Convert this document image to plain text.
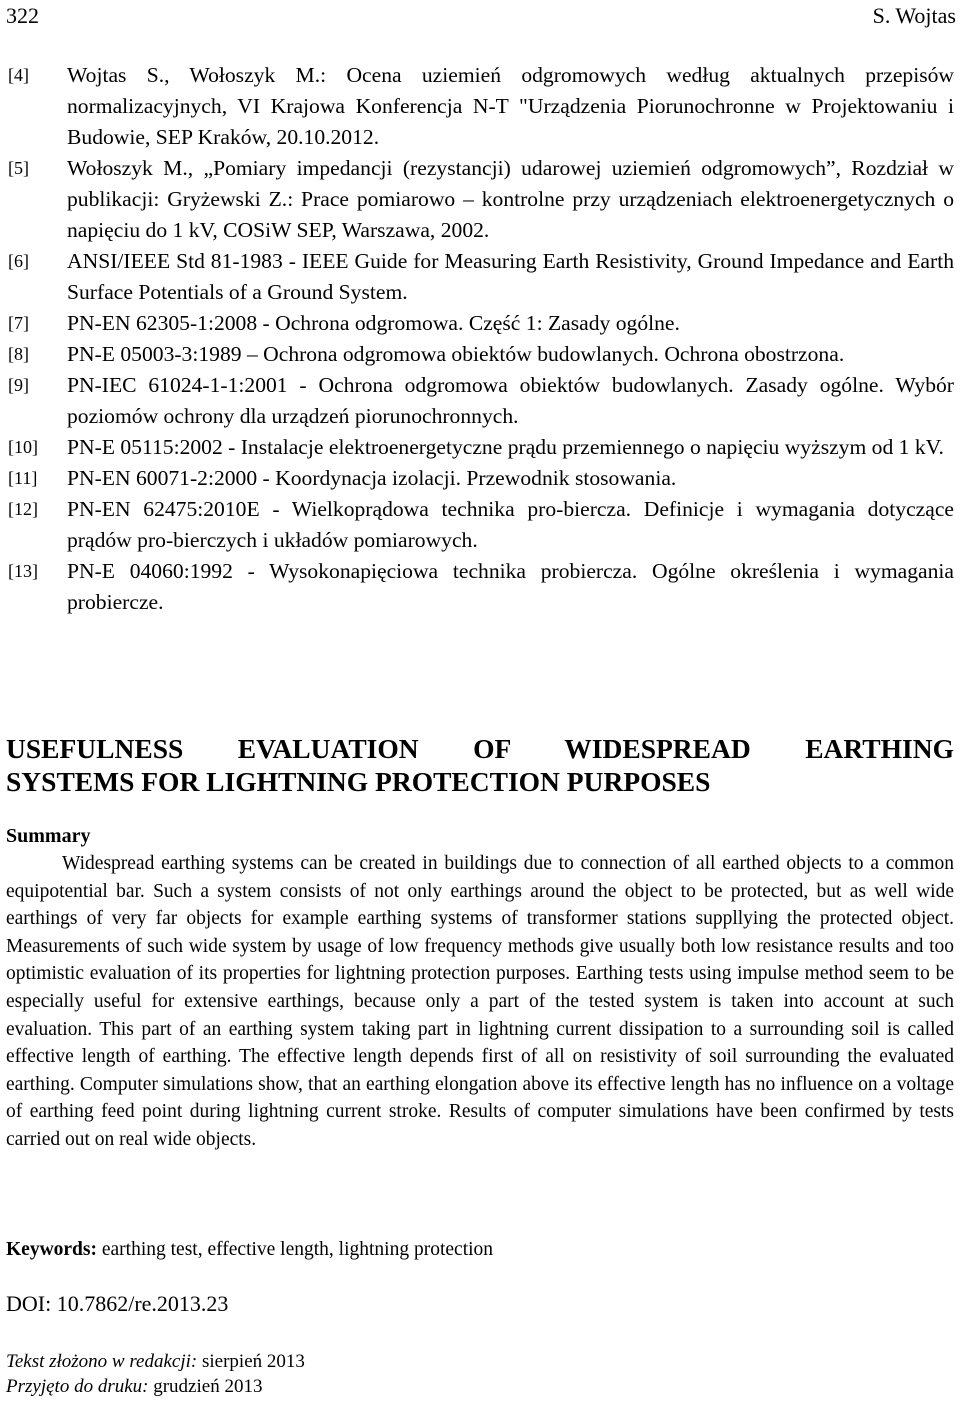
322	S. Wojtas
[4] Wojtas S., Wołoszyk M.: Ocena uziemień odgromowych według aktualnych przepisów normalizacyjnych, VI Krajowa Konferencja N-T "Urządzenia Piorunochronne w Projektowaniu i Budowie, SEP Kraków, 20.10.2012.
[5] Wołoszyk M., „Pomiary impedancji (rezystancji) udarowej uziemień odgromowych”, Rozdział w publikacji: Gryżewski Z.: Prace pomiarowo – kontrolne przy urządzeniach elektroenergetycznych o napięciu do 1 kV, COSiW SEP, Warszawa, 2002.
[6] ANSI/IEEE Std 81-1983 - IEEE Guide for Measuring Earth Resistivity, Ground Impedance and Earth Surface Potentials of a Ground System.
[7] PN-EN 62305-1:2008 - Ochrona odgromowa. Część 1: Zasady ogólne.
[8] PN-E 05003-3:1989 – Ochrona odgromowa obiektów budowlanych. Ochrona obostrzona.
[9] PN-IEC 61024-1-1:2001 - Ochrona odgromowa obiektów budowlanych. Zasady ogólne. Wybór poziomów ochrony dla urządzeń piorunochronnych.
[10] PN-E 05115:2002 - Instalacje elektroenergetyczne prądu przemiennego o napięciu wyższym od 1 kV.
[11] PN-EN 60071-2:2000 - Koordynacja izolacji. Przewodnik stosowania.
[12] PN-EN 62475:2010E - Wielkoprądowa technika pro-biercza. Definicje i wymagania dotyczące prądów pro-bierczych i układów pomiarowych.
[13] PN-E 04060:1992 - Wysokonapięciowa technika probiercza. Ogólne określenia i wymagania probiercze.
USEFULNESS EVALUATION OF WIDESPREAD EARTHING
SYSTEMS FOR LIGHTNING PROTECTION PURPOSES
Summary
Widespread earthing systems can be created in buildings due to connection of all earthed objects to a common equipotential bar. Such a system consists of not only earthings around the object to be protected, but as well wide earthings of very far objects for example earthing systems of transformer stations suppllying the protected object. Measurements of such wide system by usage of low frequency methods give usually both low resistance results and too optimistic evaluation of its properties for lightning protection purposes. Earthing tests using impulse method seem to be especially useful for extensive earthings, because only a part of the tested system is taken into account at such evaluation. This part of an earthing system taking part in lightning current dissipation to a surrounding soil is called effective length of earthing. The effective length depends first of all on resistivity of soil surrounding the evaluated earthing. Computer simulations show, that an earthing elongation above its effective length has no influence on a voltage of earthing feed point during lightning current stroke. Results of computer simulations have been confirmed by tests carried out on real wide objects.
Keywords: earthing test, effective length, lightning protection
DOI: 10.7862/re.2013.23
Tekst złożono w redakcji: sierpień 2013
Przyjęto do druku: grudzień 2013
